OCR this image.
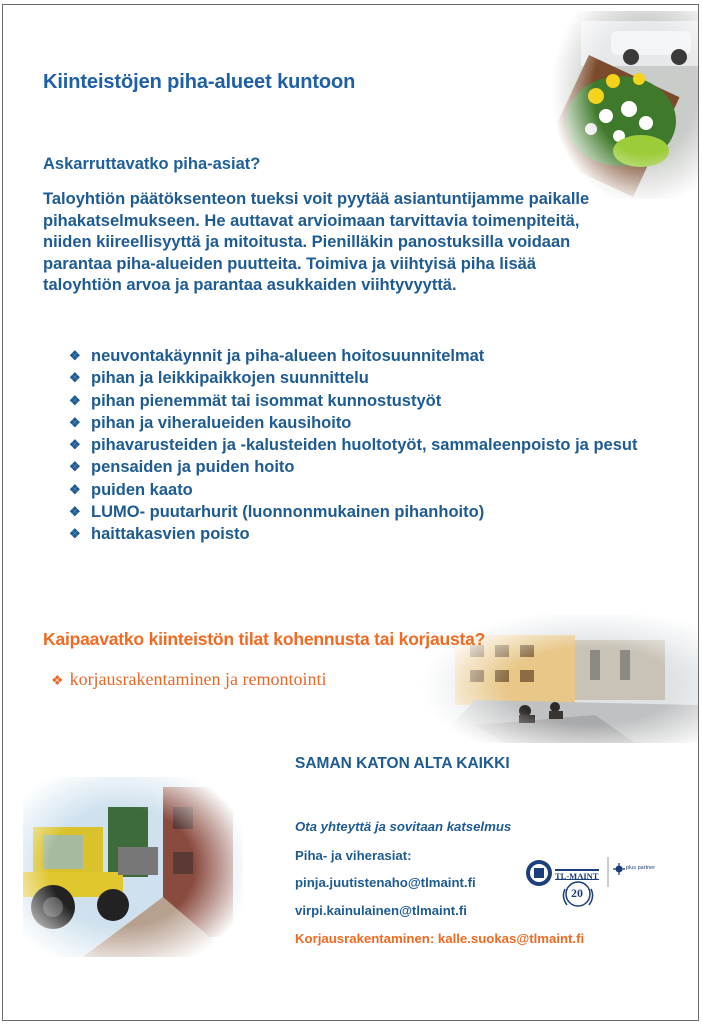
Kiinteistöjen piha-alueet kuntoon
Askarruttavatko piha-asiat?
Taloyhtiön päätöksenteon tueksi voit pyytää asiantuntijamme paikalle
pihakatselmukseen. He auttavat arvioimaan tarvittavia toimenpiteitä,
niiden kiireellisyyttä ja mitoitusta. Pienilläkin panostuksilla voidaan
parantaa piha-alueiden puutteita. Toimiva ja viihtyisä piha lisää
taloyhtiön arvoa ja parantaa asukkaiden viihtyvyyttä.
❖ neuvontakäynnit ja piha-alueen hoitosuunnitelmat
❖ pihan ja leikkipaikkojen suunnittelu
❖ pihan pienemmät tai isommat kunnostustyöt
❖ pihan ja viheralueiden kausihoito
❖ pihavarusteiden ja -kalusteiden huoltotyöt, sammaleenpoisto ja pesut
❖ pensaiden ja puiden hoito
❖ puiden kaato
❖ LUMO- puutarhurit (luonnonmukainen pihanhoito)
❖ haittakasvien poisto
Kaipaavatko kiinteistön tilat kohennusta tai korjausta?
❖ korjausrakentaminen ja remontointi
SAMAN KATON ALTA KAIKKI
Ota yhteyttä ja sovitaan katselmus
Piha- ja viherasiat:
pinja.juutistenaho@tlmaint.fi
virpi.kainulainen@tlmaint.fi
Korjausrakentaminen: kalle.suokas@tlmaint.fi
TL-MAINT
20
plus partner
